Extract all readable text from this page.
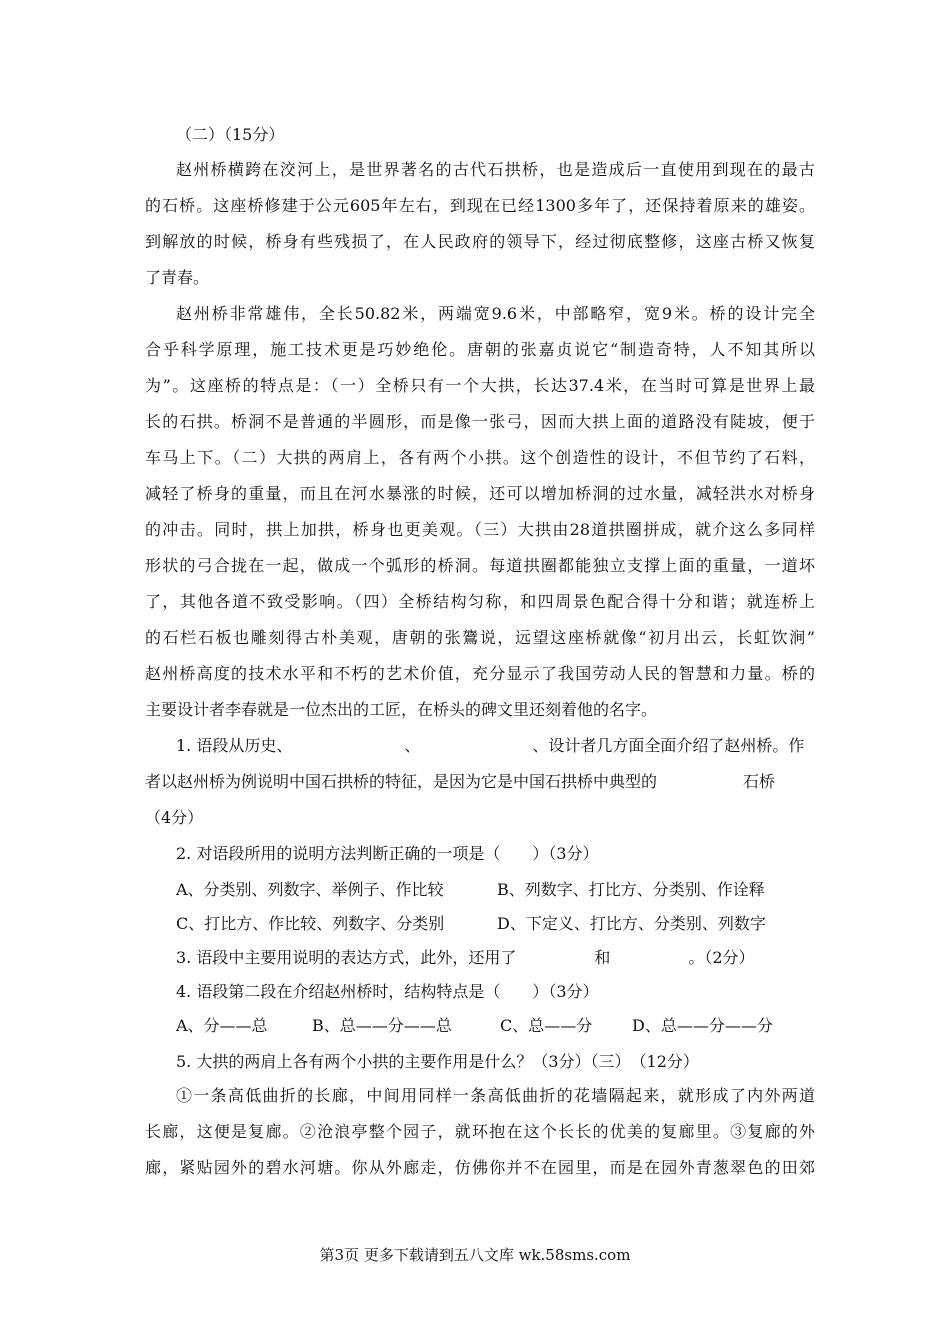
（二）（15分）
赵州桥横跨在洨河上，是世界著名的古代石拱桥，也是造成后一直使用到现在的最古
的石桥。这座桥修建于公元605年左右，到现在已经1300多年了，还保持着原来的雄姿。
到解放的时候，桥身有些残损了，在人民政府的领导下，经过彻底整修，这座古桥又恢复
了青春。
赵州桥非常雄伟，全长50.82米，两端宽9.6米，中部略窄，宽9米。桥的设计完全
合乎科学原理，施工技术更是巧妙绝伦。唐朝的张嘉贞说它“制造奇特，人不知其所以
为”。这座桥的特点是：（一）全桥只有一个大拱，长达37.4米，在当时可算是世界上最
长的石拱。桥洞不是普通的半圆形，而是像一张弓，因而大拱上面的道路没有陡坡，便于
车马上下。（二）大拱的两肩上，各有两个小拱。这个创造性的设计，不但节约了石料，
减轻了桥身的重量，而且在河水暴涨的时候，还可以增加桥洞的过水量，减轻洪水对桥身
的冲击。同时，拱上加拱，桥身也更美观。（三）大拱由28道拱圈拼成，就介这么多同样
形状的弓合拢在一起，做成一个弧形的桥洞。每道拱圈都能独立支撑上面的重量，一道坏
了，其他各道不致受影响。（四）全桥结构匀称，和四周景色配合得十分和谐；就连桥上
的石栏石板也雕刻得古朴美观，唐朝的张鷟说，远望这座桥就像“初月出云，长虹饮涧”
赵州桥高度的技术水平和不朽的艺术价值，充分显示了我国劳动人民的智慧和力量。桥的
主要设计者李春就是一位杰出的工匠，在桥头的碑文里还刻着他的名字。
1. 语段从历史、	、	、设计者几方面全面介绍了赵州桥。作
者以赵州桥为例说明中国石拱桥的特征，是因为它是中国石拱桥中典型的	石桥
（4分）
2. 对语段所用的说明方法判断正确的一项是（　　）（3分）
A、分类别、列数字、举例子、作比较	B、列数字、打比方、分类别、作诠释
C、打比方、作比较、列数字、分类别	D、下定义、打比方、分类别、列数字
3. 语段中主要用说明的表达方式，此外，还用了	和	。（2分）
4. 语段第二段在介绍赵州桥时，结构特点是（　　）（3分）
A、分——总	B、总——分——总	C、总——分 D、总——分——分
5. 大拱的两肩上各有两个小拱的主要作用是什么？（3分）（三）　（12分）
①一条高低曲折的长廊，中间用同样一条高低曲折的花墙隔起来，就形成了内外两道
长廊，这便是复廊。②沧浪亭整个园子，就环抱在这个长长的优美的复廊里。③复廊的外
廊，紧贴园外的碧水河塘。你从外廊走，仿佛你并不在园里，而是在园外青葱翠色的田郊
第3页 更多下载请到五八文库 wk.58sms.com
